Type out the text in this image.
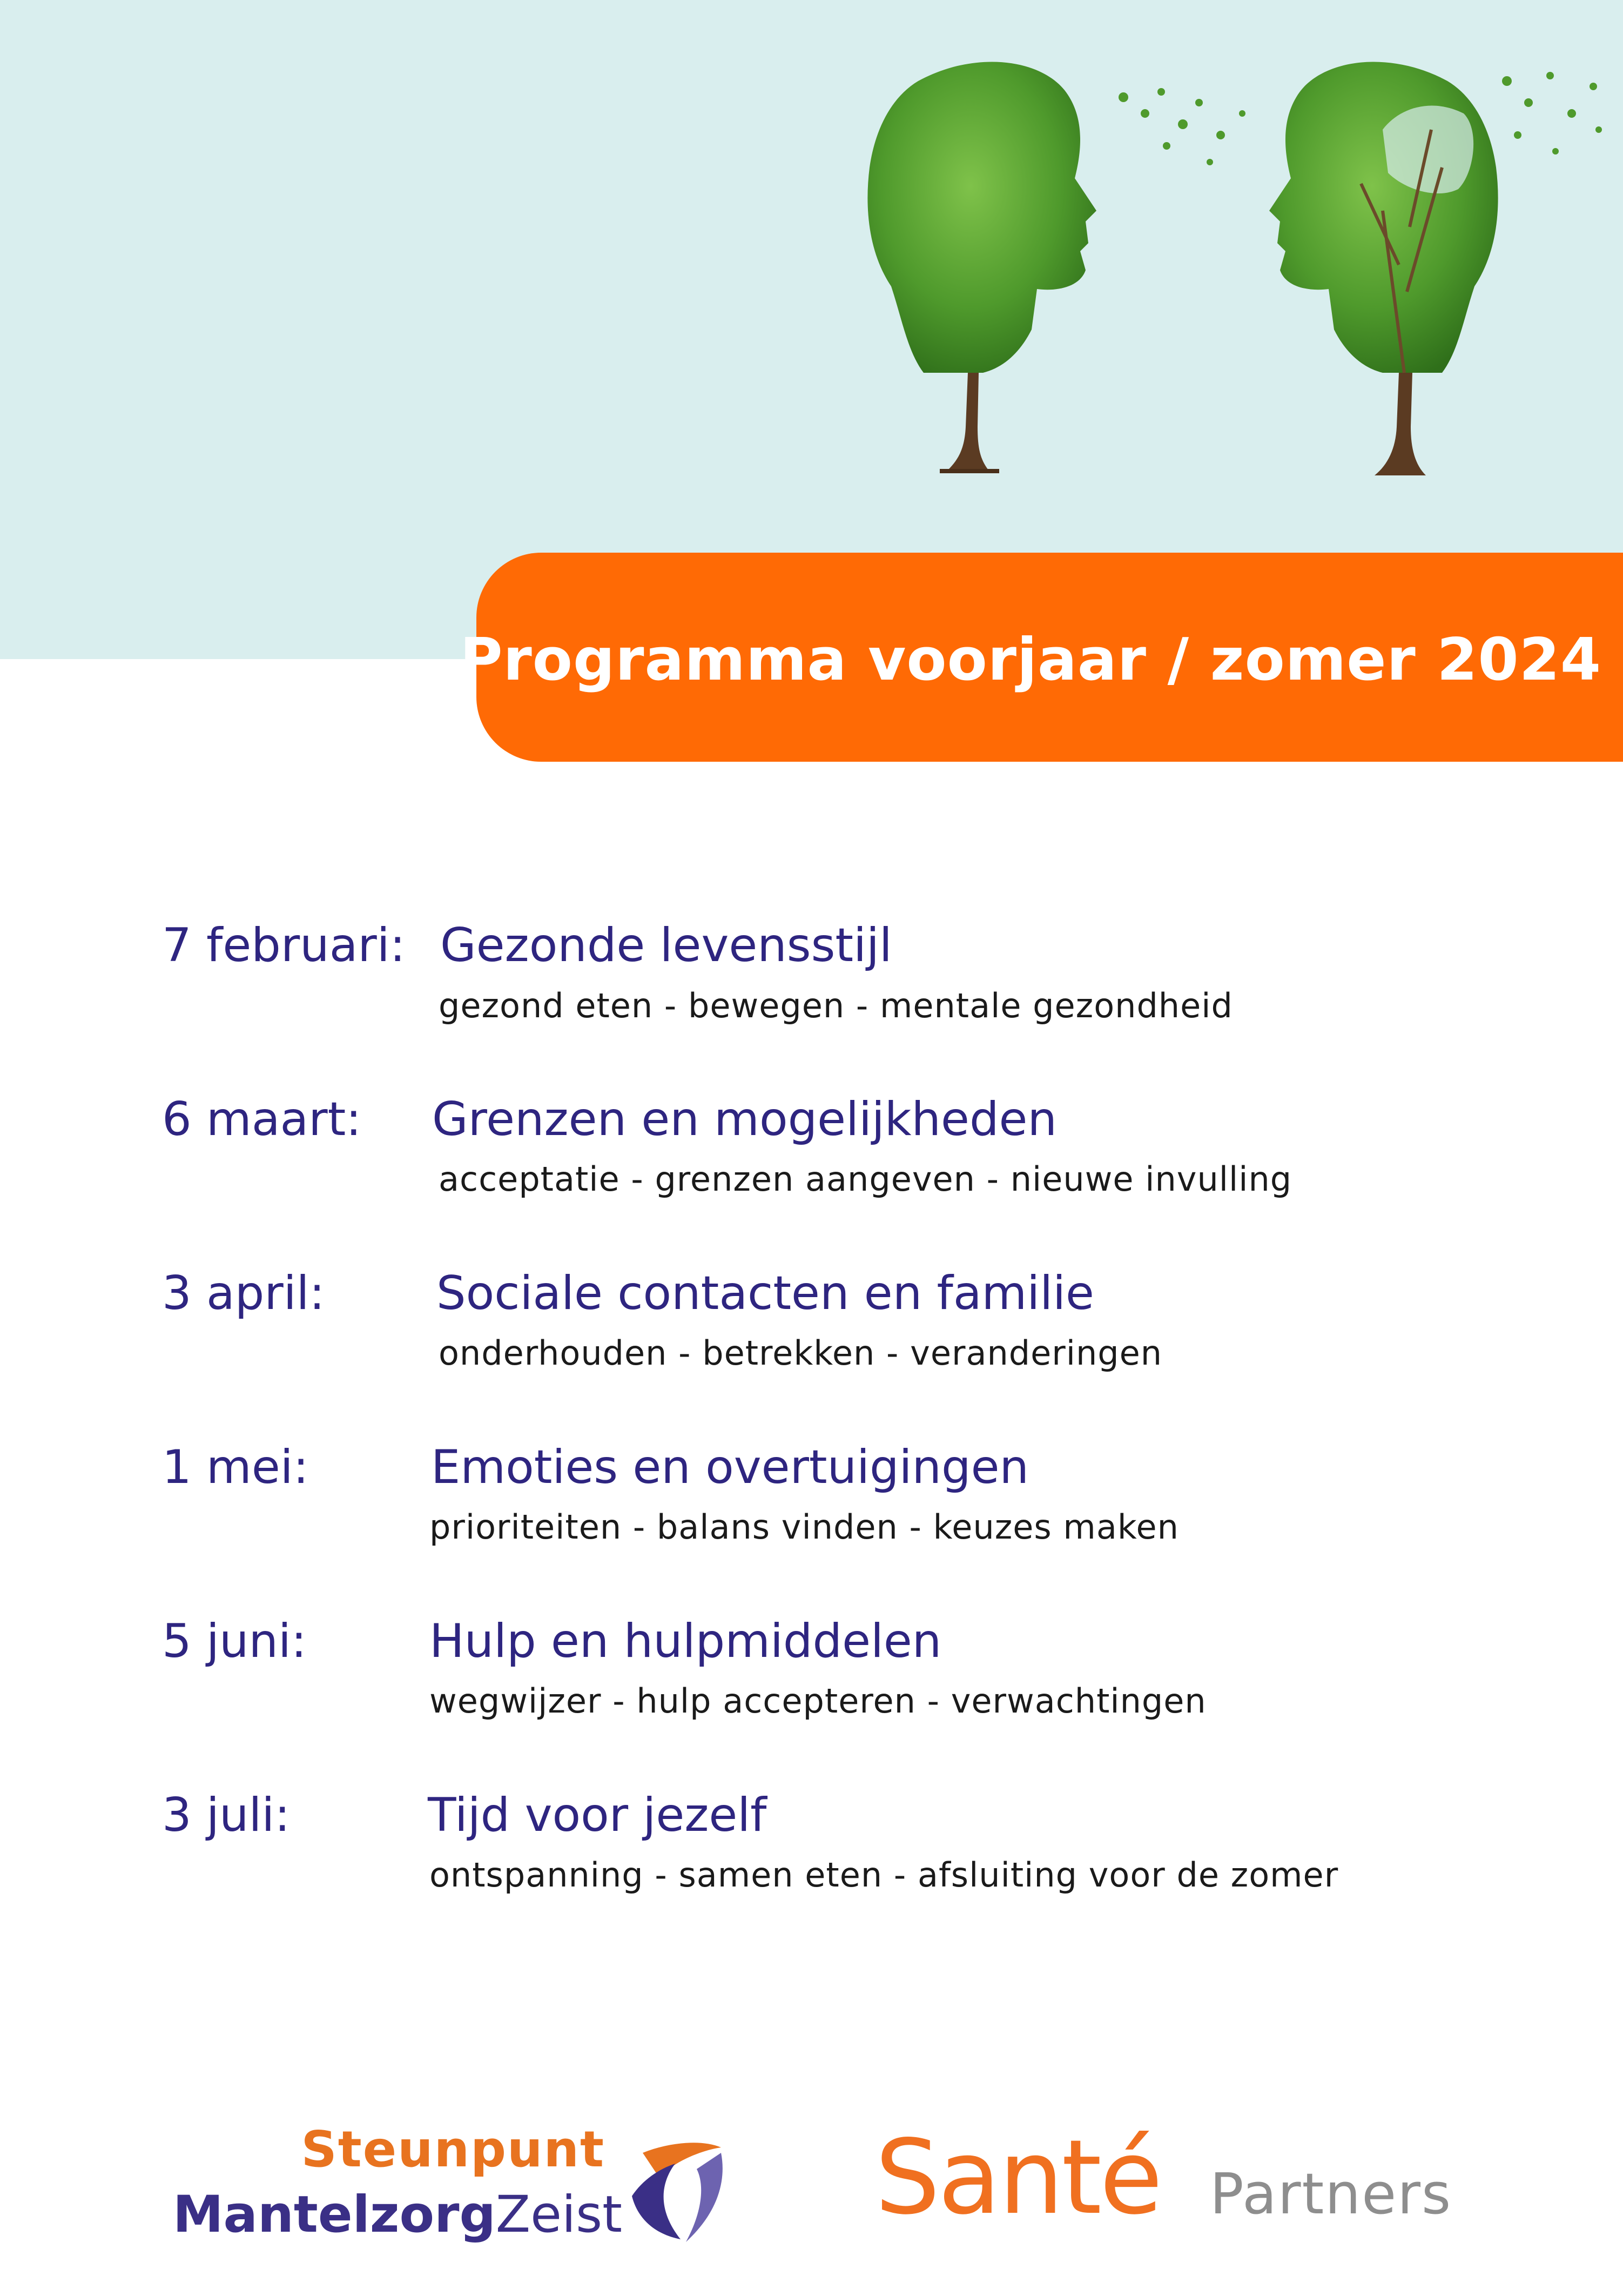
Programma voorjaar / zomer 2024
7 februari: Gezonde levensstijl
gezond eten - bewegen - mentale gezondheid
6 maart: Grenzen en mogelijkheden
acceptatie - grenzen aangeven - nieuwe invulling
3 april: Sociale contacten en familie
onderhouden - betrekken - veranderingen
1 mei:	Emoties en overtuigingen
prioriteiten - balans vinden - keuzes maken
5 juni:	Hulp en hulpmiddelen
wegwijzer - hulp accepteren - verwachtingen
3 juli:	Tijd voor jezelf
ontspanning - samen eten - afsluiting voor de zomer
Steunpunt
MantelzorgZeist Santé Partners
